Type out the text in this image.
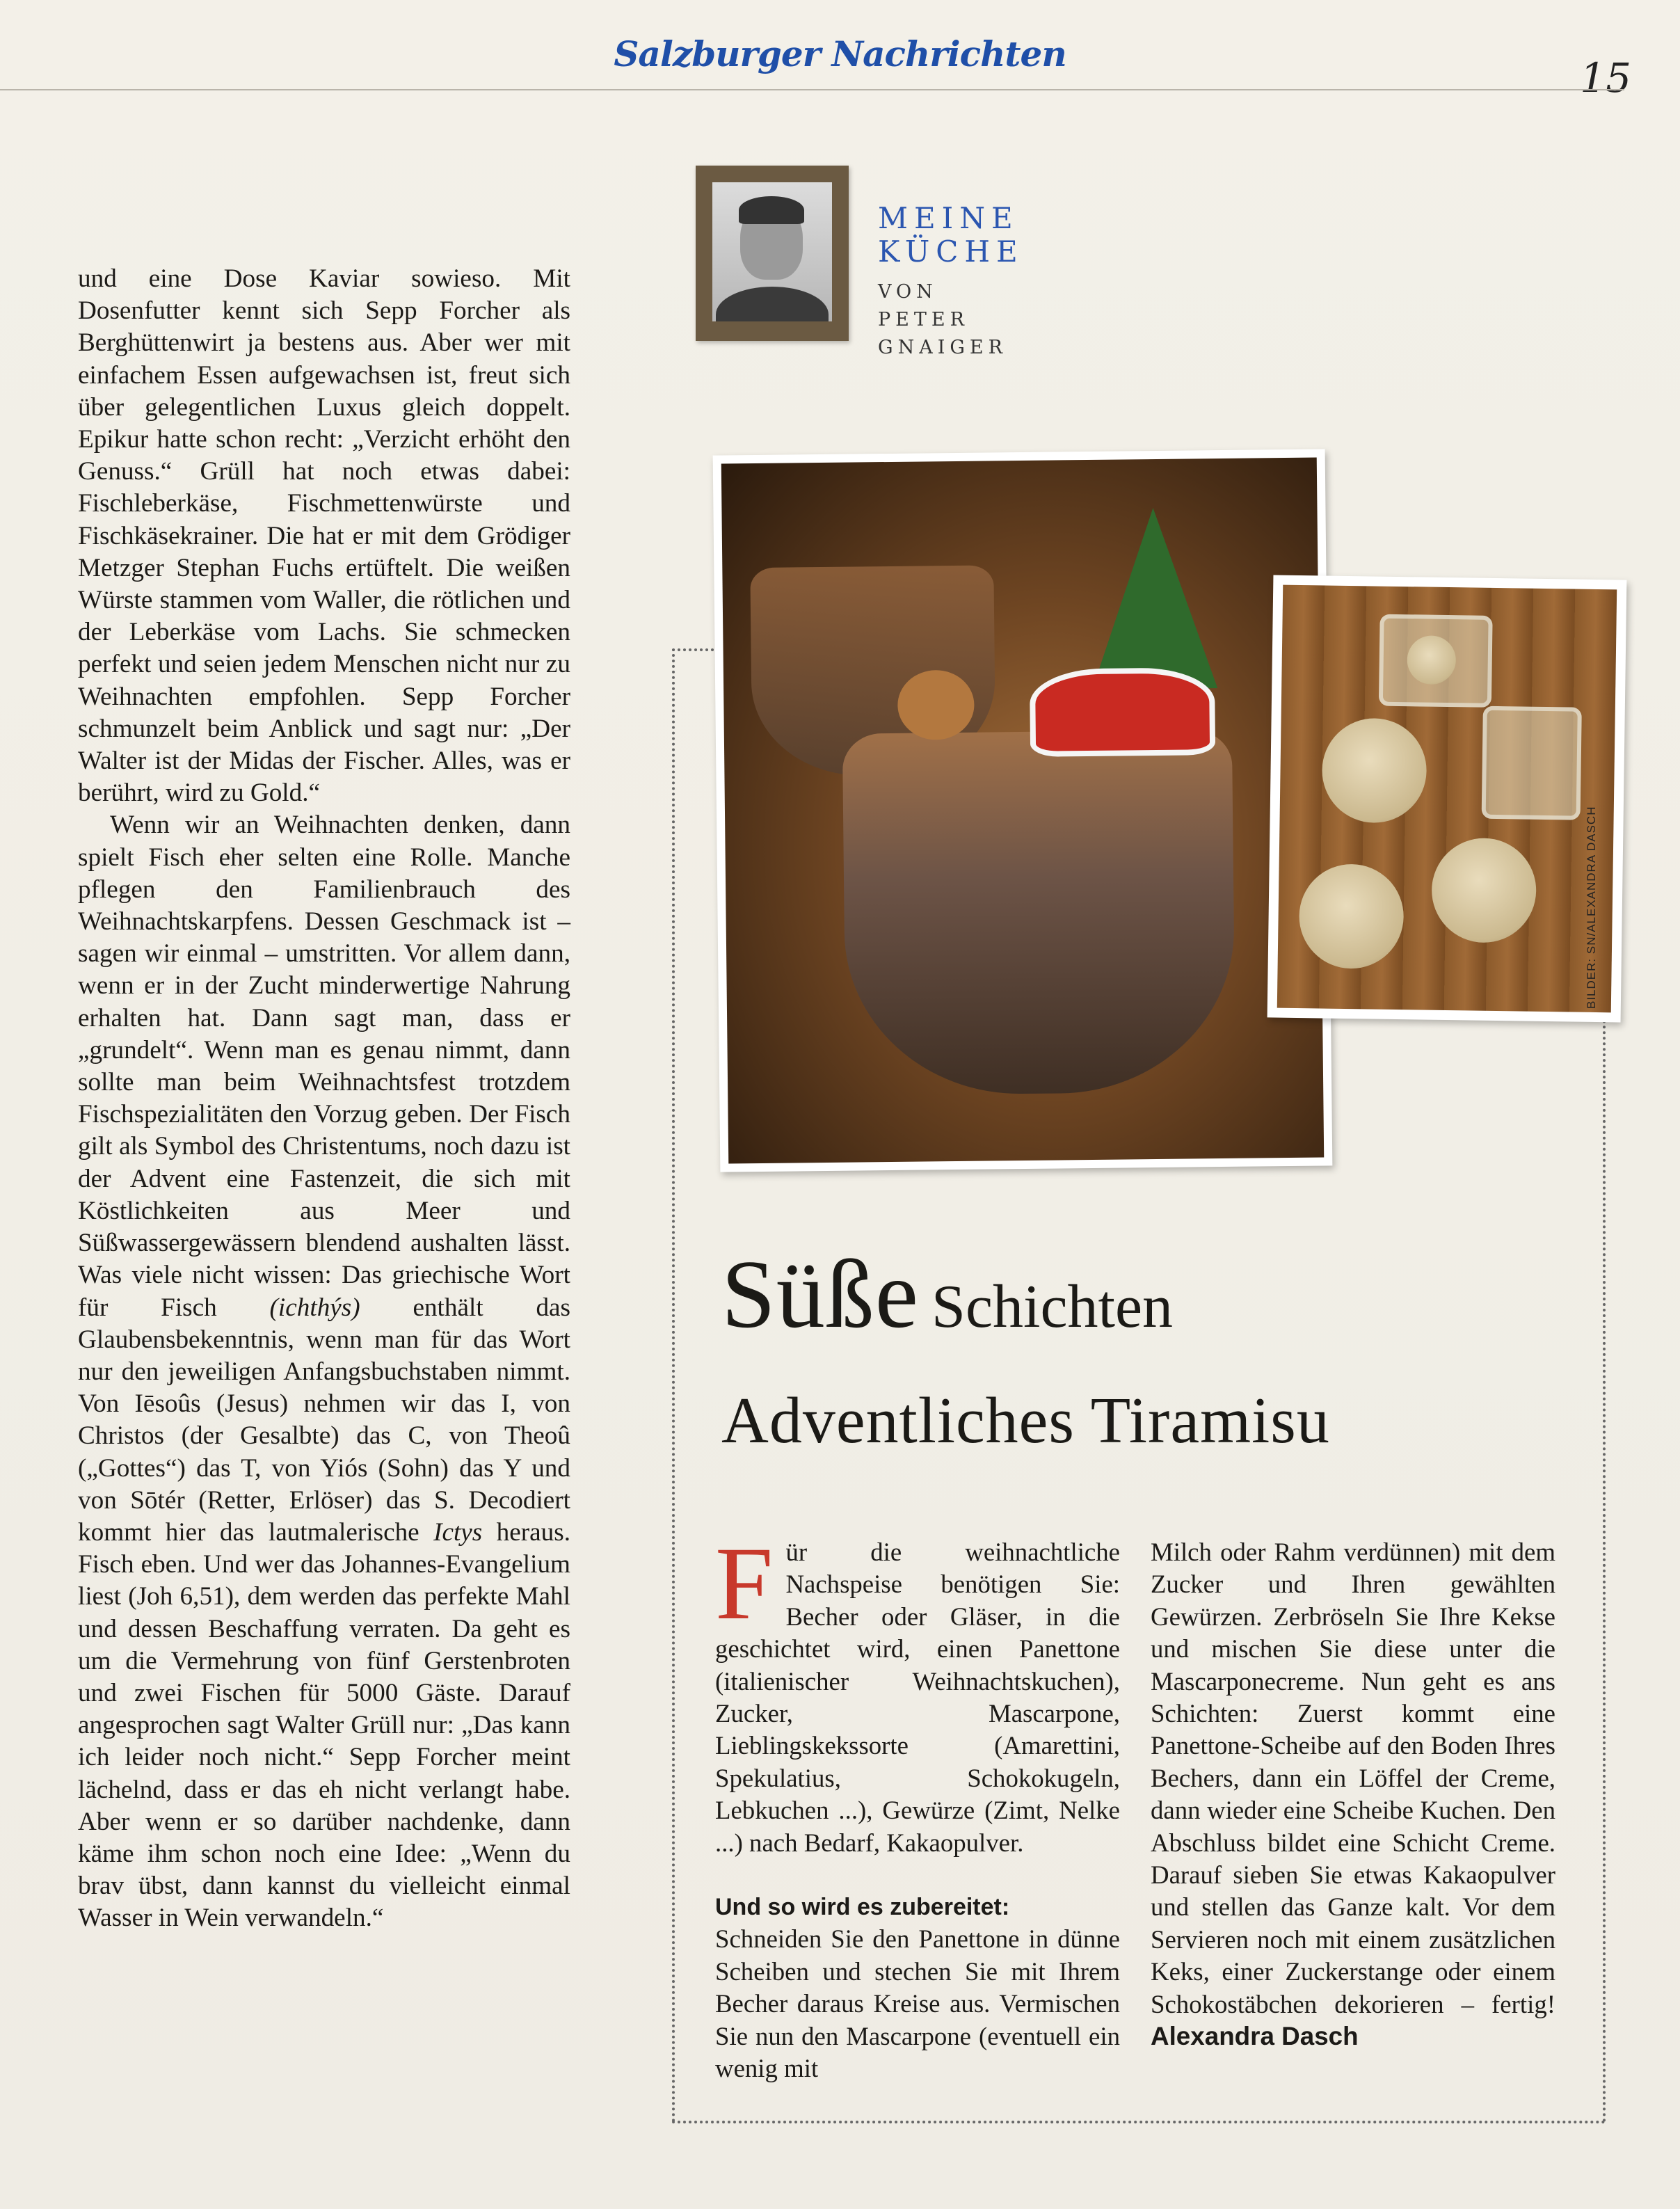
Salzburger Nachrichten
15

und eine Dose Kaviar sowieso. Mit Dosenfutter kennt sich Sepp Forcher als Berghüttenwirt ja bestens aus. Aber wer mit einfachem Essen aufgewachsen ist, freut sich über gelegentlichen Luxus gleich doppelt. Epikur hatte schon recht: „Verzicht erhöht den Genuss.“ Grüll hat noch etwas dabei: Fischleberkäse, Fischmettenwürste und Fischkäsekrainer. Die hat er mit dem Grödiger Metzger Stephan Fuchs ertüftelt. Die weißen Würste stammen vom Waller, die rötlichen und der Leberkäse vom Lachs. Sie schmecken perfekt und seien jedem Menschen nicht nur zu Weihnachten empfohlen. Sepp Forcher schmunzelt beim Anblick und sagt nur: „Der Walter ist der Midas der Fischer. Alles, was er berührt, wird zu Gold.“

Wenn wir an Weihnachten denken, dann spielt Fisch eher selten eine Rolle. Manche pflegen den Familienbrauch des Weihnachtskarpfens. Dessen Geschmack ist – sagen wir einmal – umstritten. Vor allem dann, wenn er in der Zucht minderwertige Nahrung erhalten hat. Dann sagt man, dass er „grundelt“. Wenn man es genau nimmt, dann sollte man beim Weihnachtsfest trotzdem Fischspezialitäten den Vorzug geben. Der Fisch gilt als Symbol des Christentums, noch dazu ist der Advent eine Fastenzeit, die sich mit Köstlichkeiten aus Meer und Süßwassergewässern blendend aushalten lässt. Was viele nicht wissen: Das griechische Wort für Fisch (ichthýs) enthält das Glaubensbekenntnis, wenn man für das Wort nur den jeweiligen Anfangsbuchstaben nimmt. Von Iēsoûs (Jesus) nehmen wir das I, von Christos (der Gesalbte) das C, von Theoû („Gottes“) das T, von Yiós (Sohn) das Y und von Sōtér (Retter, Erlöser) das S. Decodiert kommt hier das lautmalerische Ictys heraus. Fisch eben. Und wer das Johannes-Evangelium liest (Joh 6,51), dem werden das perfekte Mahl und dessen Beschaffung verraten. Da geht es um die Vermehrung von fünf Gerstenbroten und zwei Fischen für 5000 Gäste. Darauf angesprochen sagt Walter Grüll nur: „Das kann ich leider noch nicht.“ Sepp Forcher meint lächelnd, dass er das eh nicht verlangt habe. Aber wenn er so darüber nachdenke, dann käme ihm schon noch eine Idee: „Wenn du brav übst, dann kannst du vielleicht einmal Wasser in Wein verwandeln.“

MEINE
KÜCHE
VON PETER
GNAIGER
BILDER: SN/ALEXANDRA DASCH
Süße Schichten
Adventliches Tiramisu

Für die weihnachtliche Nachspeise benötigen Sie: Becher oder Gläser, in die geschichtet wird, einen Panettone (italienischer Weihnachtskuchen), Zucker, Mascarpone, Lieblingskekssorte (Amarettini, Spekulatius, Schokokugeln, Lebkuchen ...), Gewürze (Zimt, Nelke ...) nach Bedarf, Kakaopulver.

Und so wird es zubereitet:

Schneiden Sie den Panettone in dünne Scheiben und stechen Sie mit Ihrem Becher daraus Kreise aus. Vermischen Sie nun den Mascarpone (eventuell ein wenig mit

Milch oder Rahm verdünnen) mit dem Zucker und Ihren gewählten Gewürzen. Zerbröseln Sie Ihre Kekse und mischen Sie diese unter die Mascarponecreme. Nun geht es ans Schichten: Zuerst kommt eine Panettone-Scheibe auf den Boden Ihres Bechers, dann ein Löffel der Creme, dann wieder eine Scheibe Kuchen. Den Abschluss bildet eine Schicht Creme. Darauf sieben Sie etwas Kakaopulver und stellen das Ganze kalt. Vor dem Servieren noch mit einem zusätzlichen Keks, einer Zuckerstange oder einem Schokostäbchen dekorieren – fertig! Alexandra Dasch
